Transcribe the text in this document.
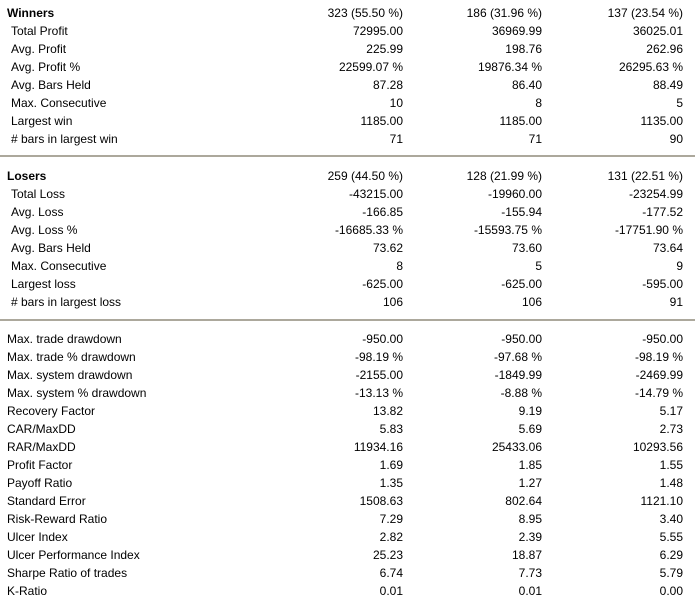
Winners	323 (55.50 %)	186 (31.96 %)	137 (23.54 %)
Total Profit	72995.00	36969.99	36025.01
Avg. Profit	225.99	198.76	262.96
Avg. Profit %	22599.07 %	19876.34 %	26295.63 %
Avg. Bars Held	87.28	86.40	88.49
Max. Consecutive	10	8	5
Largest win	1185.00	1185.00	1135.00
# bars in largest win	71	71	90
Losers	259 (44.50 %)	128 (21.99 %)	131 (22.51 %)
Total Loss	-43215.00	-19960.00	-23254.99
Avg. Loss	-166.85	-155.94	-177.52
Avg. Loss %	-16685.33 %	-15593.75 %	-17751.90 %
Avg. Bars Held	73.62	73.60	73.64
Max. Consecutive	8	5	9
Largest loss	-625.00	-625.00	-595.00
# bars in largest loss	106	106	91
Max. trade drawdown	-950.00	-950.00	-950.00
Max. trade % drawdown	-98.19 %	-97.68 %	-98.19 %
Max. system drawdown	-2155.00	-1849.99	-2469.99
Max. system % drawdown	-13.13 %	-8.88 %	-14.79 %
Recovery Factor	13.82	9.19	5.17
CAR/MaxDD	5.83	5.69	2.73
RAR/MaxDD	11934.16	25433.06	10293.56
Profit Factor	1.69	1.85	1.55
Payoff Ratio	1.35	1.27	1.48
Standard Error	1508.63	802.64	1121.10
Risk-Reward Ratio	7.29	8.95	3.40
Ulcer Index	2.82	2.39	5.55
Ulcer Performance Index	25.23	18.87	6.29
Sharpe Ratio of trades	6.74	7.73	5.79
K-Ratio	0.01	0.01	0.00
